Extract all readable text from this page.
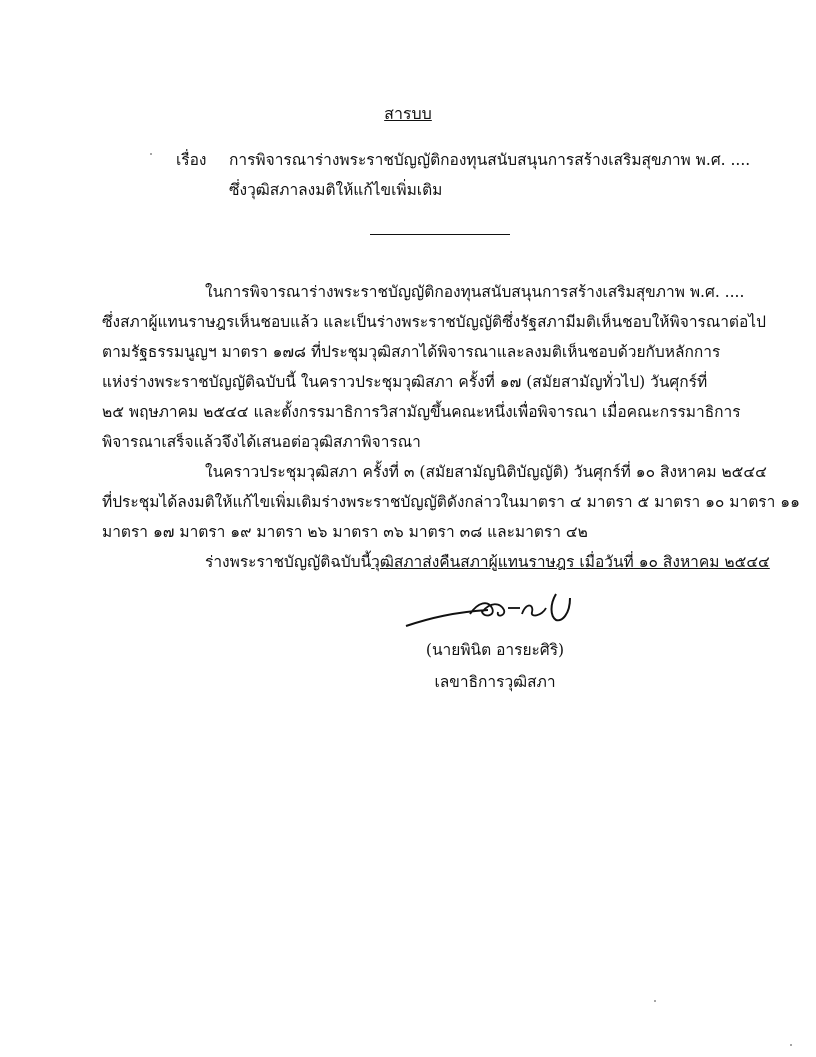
สารบบ
เรื่อง การพิจารณาร่างพระราชบัญญัติกองทุนสนับสนุนการสร้างเสริมสุขภาพ พ.ศ. ....
ซึ่งวุฒิสภาลงมติให้แก้ไขเพิ่มเติม
ในการพิจารณาร่างพระราชบัญญัติกองทุนสนับสนุนการสร้างเสริมสุขภาพ พ.ศ. ....
ซึ่งสภาผู้แทนราษฎรเห็นชอบแล้ว และเป็นร่างพระราชบัญญัติซึ่งรัฐสภามีมติเห็นชอบให้พิจารณาต่อไป
ตามรัฐธรรมนูญฯ มาตรา ๑๗๘ ที่ประชุมวุฒิสภาได้พิจารณาและลงมติเห็นชอบด้วยกับหลักการ
แห่งร่างพระราชบัญญัติฉบับนี้ ในคราวประชุมวุฒิสภา ครั้งที่ ๑๗ (สมัยสามัญทั่วไป) วันศุกร์ที่
๒๕ พฤษภาคม ๒๕๔๔ และตั้งกรรมาธิการวิสามัญขึ้นคณะหนึ่งเพื่อพิจารณา เมื่อคณะกรรมาธิการ
พิจารณาเสร็จแล้วจึงได้เสนอต่อวุฒิสภาพิจารณา
ในคราวประชุมวุฒิสภา ครั้งที่ ๓ (สมัยสามัญนิติบัญญัติ) วันศุกร์ที่ ๑๐ สิงหาคม ๒๕๔๔
ที่ประชุมได้ลงมติให้แก้ไขเพิ่มเติมร่างพระราชบัญญัติดังกล่าวในมาตรา ๔ มาตรา ๕ มาตรา ๑๐ มาตรา ๑๑
มาตรา ๑๗ มาตรา ๑๙ มาตรา ๒๖ มาตรา ๓๖ มาตรา ๓๘ และมาตรา ๔๒
ร่างพระราชบัญญัติฉบับนี้วุฒิสภาส่งคืนสภาผู้แทนราษฎร เมื่อวันที่ ๑๐ สิงหาคม ๒๕๔๔
(นายพินิต อารยะศิริ)
เลขาธิการวุฒิสภา
